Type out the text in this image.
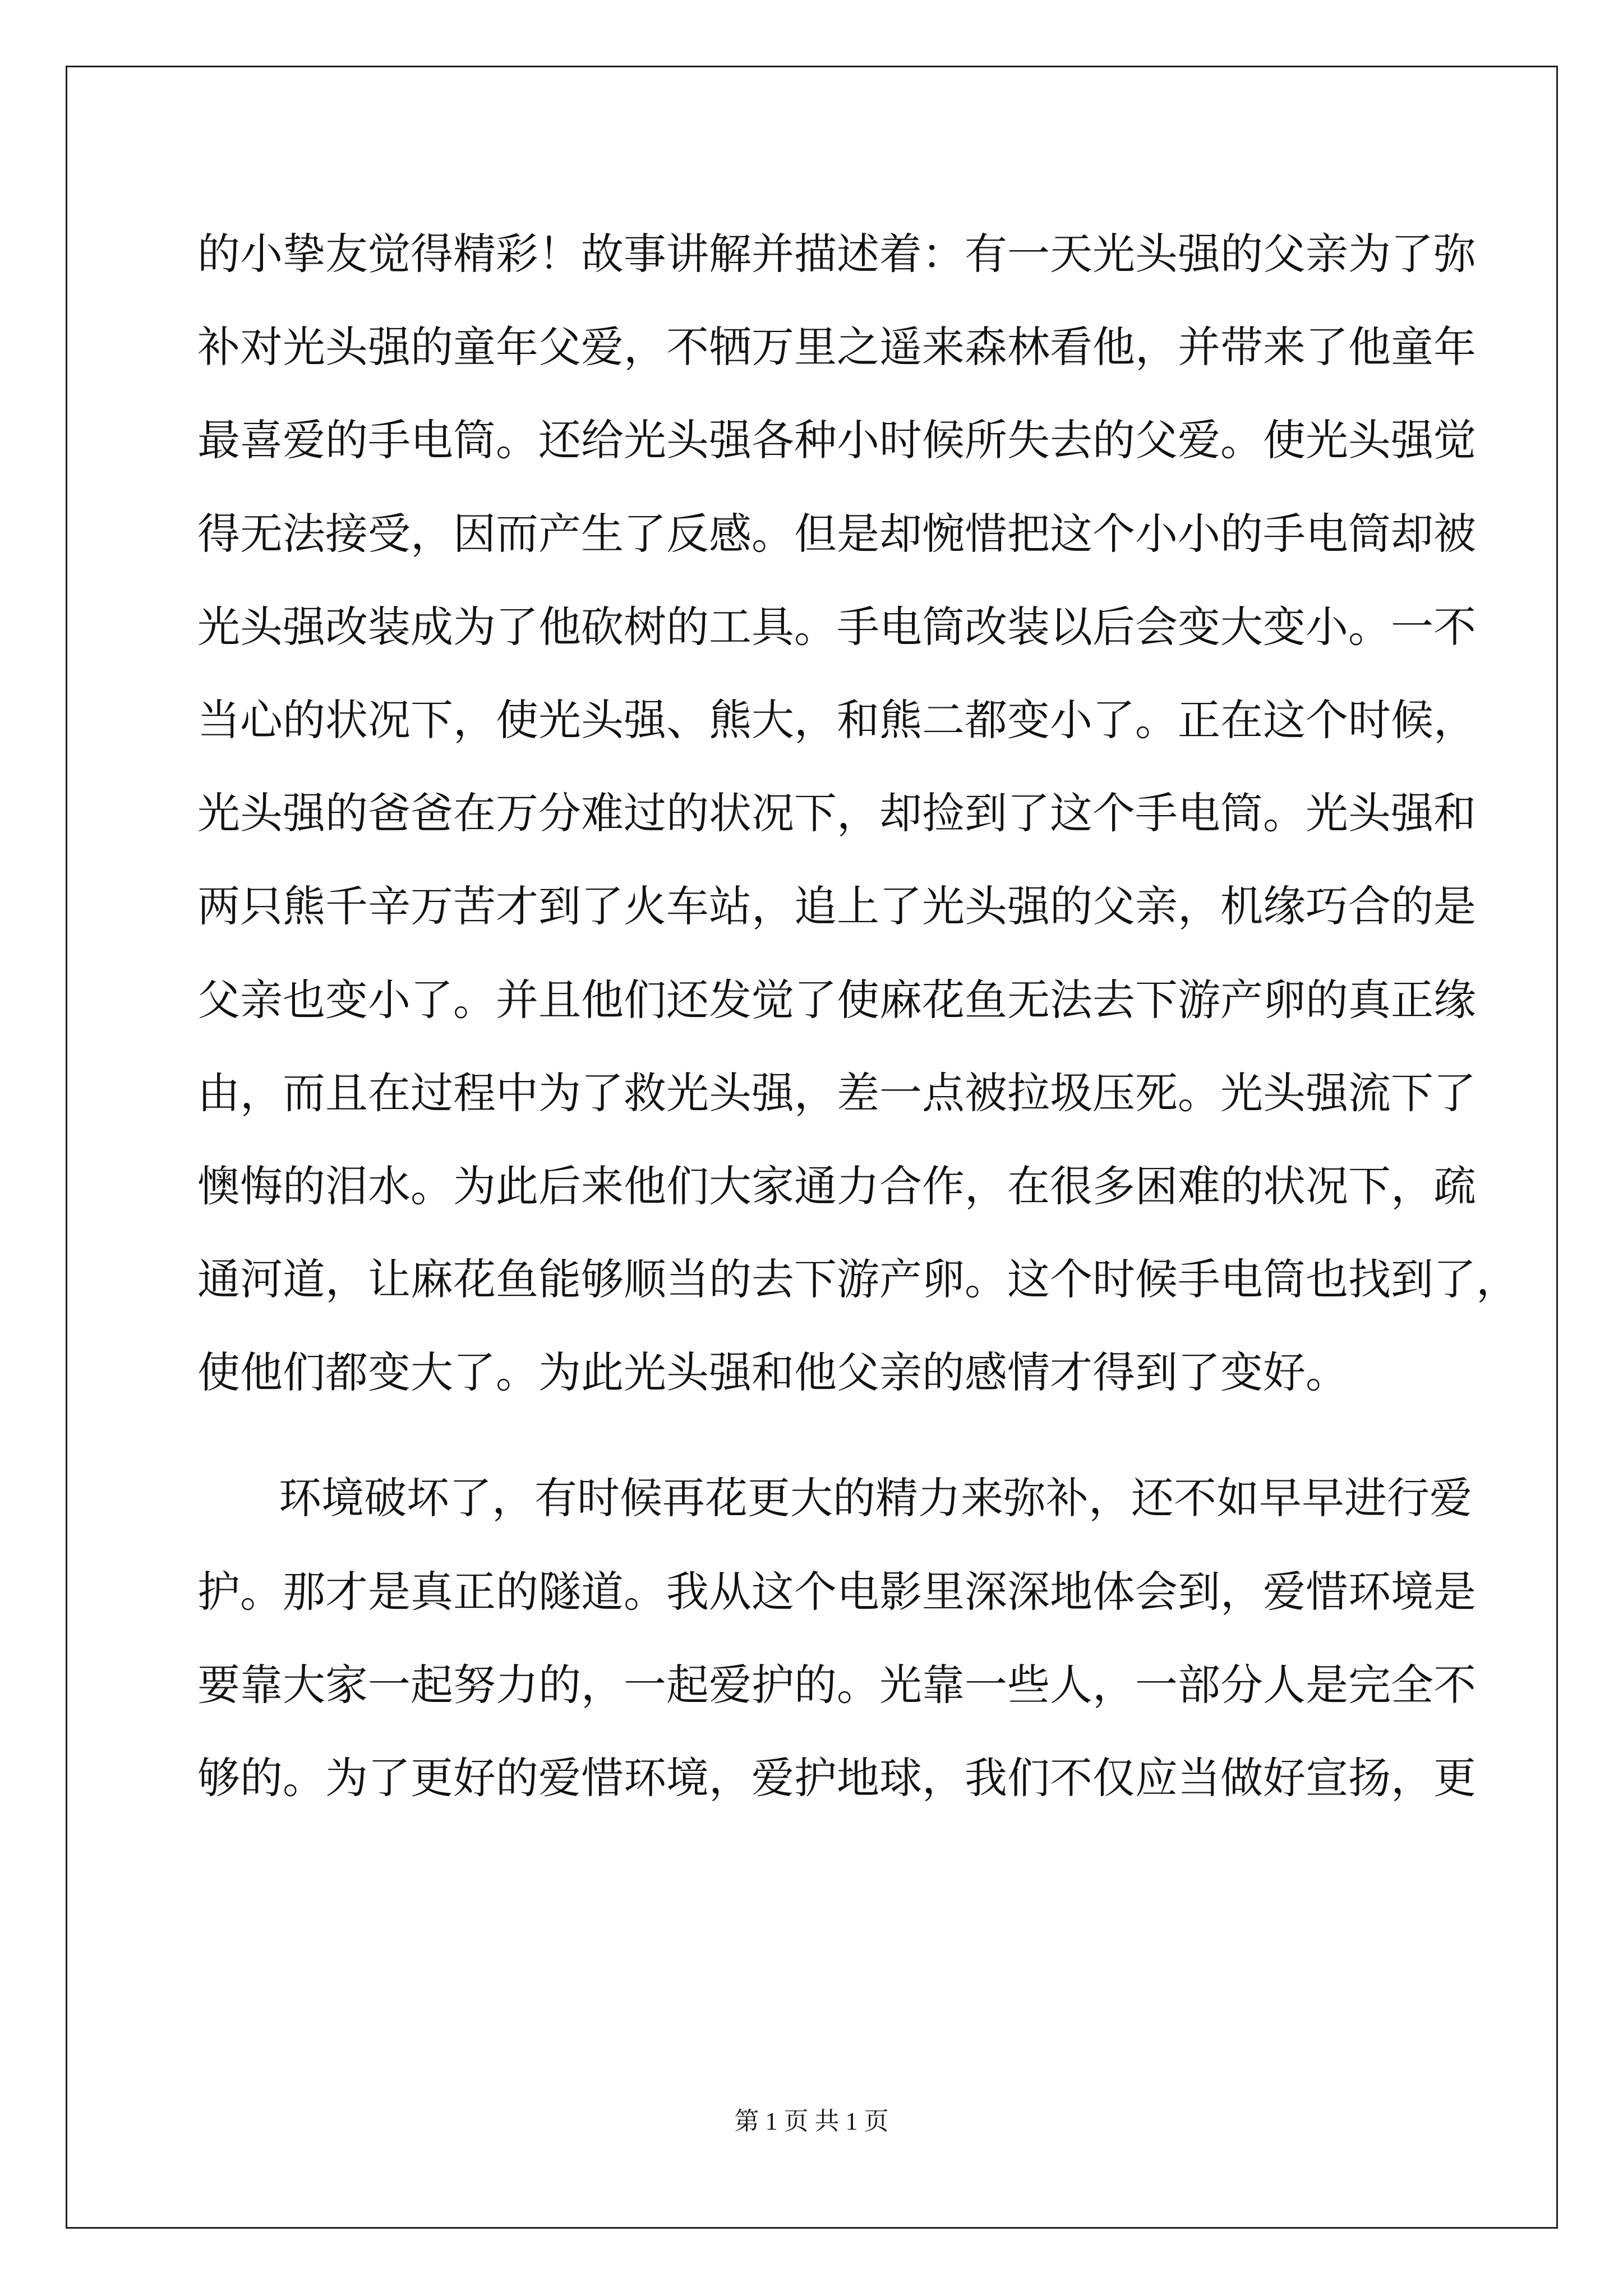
的小挚友觉得精彩！故事讲解并描述着：有一天光头强的父亲为了弥
补对光头强的童年父爱，不牺万里之遥来森林看他，并带来了他童年
最喜爱的手电筒。还给光头强各种小时候所失去的父爱。使光头强觉
得无法接受，因而产生了反感。但是却惋惜把这个小小的手电筒却被
光头强改装成为了他砍树的工具。手电筒改装以后会变大变小。一不
当心的状况下，使光头强、熊大，和熊二都变小了。正在这个时候，
光头强的爸爸在万分难过的状况下，却捡到了这个手电筒。光头强和
两只熊千辛万苦才到了火车站，追上了光头强的父亲，机缘巧合的是
父亲也变小了。并且他们还发觉了使麻花鱼无法去下游产卵的真正缘
由，而且在过程中为了救光头强，差一点被拉圾压死。光头强流下了
懊悔的泪水。为此后来他们大家通力合作，在很多困难的状况下，疏
通河道，让麻花鱼能够顺当的去下游产卵。这个时候手电筒也找到了，
使他们都变大了。为此光头强和他父亲的感情才得到了变好。
环境破坏了，有时候再花更大的精力来弥补，还不如早早进行爱
护。那才是真正的隧道。我从这个电影里深深地体会到，爱惜环境是
要靠大家一起努力的，一起爱护的。光靠一些人，一部分人是完全不
够的。为了更好的爱惜环境，爱护地球，我们不仅应当做好宣扬，更
第 1 页 共 1 页
